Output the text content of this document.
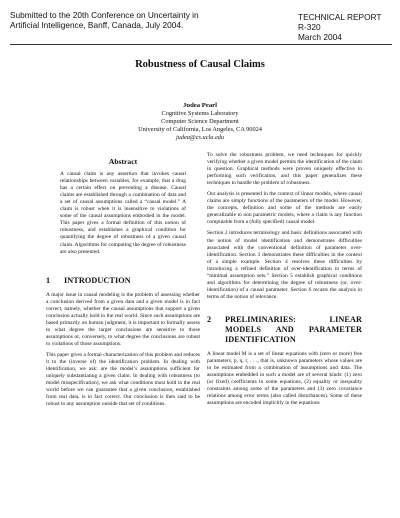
Submitted to the 20th Conference on Uncertainty in Artificial Intelligence, Banff, Canada, July 2004.
TECHNICAL REPORT
R-320
March 2004
Robustness of Causal Claims
Judea Pearl
Cognitive Systems Laboratory
Computer Science Department
University of California, Los Angeles, CA 90024
judea@cs.ucla.edu
Abstract

A causal claim is any assertion that invokes causal relationships between variables, for example, that a drug has a certain effect on preventing a disease. Causal claims are established through a combination of data and a set of causal assumptions called a “causal model.” A claim is robust when it is insensitive to violations of some of the causal assumptions embodied in the model. This paper gives a formal definition of this notion of robustness, and establishes a graphical condition for quantifying the degree of robustness of a given causal claim. Algorithms for computing the degree of robustness are also presented.

1 INTRODUCTION

A major issue in causal modeling is the problem of assessing whether a conclusion derived from a given data and a given model is in fact correct, namely, whether the causal assumptions that support a given conclusion actually hold in the real world. Since such assumptions are based primarily on human judgment, it is important to formally assess to what degree the target conclusions are sensitive to those assumptions or, conversely, to what degree the conclusions are robust to violations of those assumptions.

This paper gives a formal characterization of this problem and reduces it to the (inverse of) the identification problem. In dealing with identification, we ask: are the model’s assumptions sufficient for uniquely substantiating a given claim. In dealing with robustness (to model misspecification), we ask what conditions must hold in the real world before we can guarantee that a given conclusion, established from real data, is in fact correct. Our conclusion is then said to be robust to any assumption outside that set of conditions.

To solve the robustness problem, we need techniques for quickly verifying whether a given model permits the identification of the claim in question. Graphical methods were proven uniquely effective in performing such verification, and this paper generalizes these techniques to handle the problem of robustness.

Our analysis is presented in the context of linear models, where causal claims are simply functions of the parameters of the model. However, the concepts, definition and some of the methods are easily generalizable to non parametric models, where a claim is any function computable from a (fully specified) causal model.

Section 2 introduces terminology and basic definitions associated with the notion of model identification and demonstrates difficulties associated with the conventional definition of parameter over-identification. Section 3 demonstrates these difficulties in the context of a simple example. Section 4 resolves these difficulties by introducing a refined definition of over-identification in terms of “minimal assumption sets.” Section 5 establish graphical conditions and algorithms for determining the degree of robustness (or, over-identification) of a causal parameter. Section 6 recasts the analysis in terms of the notion of relevance.

2	PRELIMINARIES: LINEAR MODELS AND PARAMETER IDENTIFICATION

A linear model M is a set of linear equations with (zero or more) free parameters, p, q, r, . . ., that is, unknown parameters whose values are to be estimated from a combination of assumptions and data. The assumptions embedded in such a model are of several kinds: (1) zero (or fixed) coefficients in some equations, (2) equality or inequality constraints among some of the parameters and (3) zero covariance relations among error terms (also called disturbances). Some of these assumptions are encoded implicitly in the equations
